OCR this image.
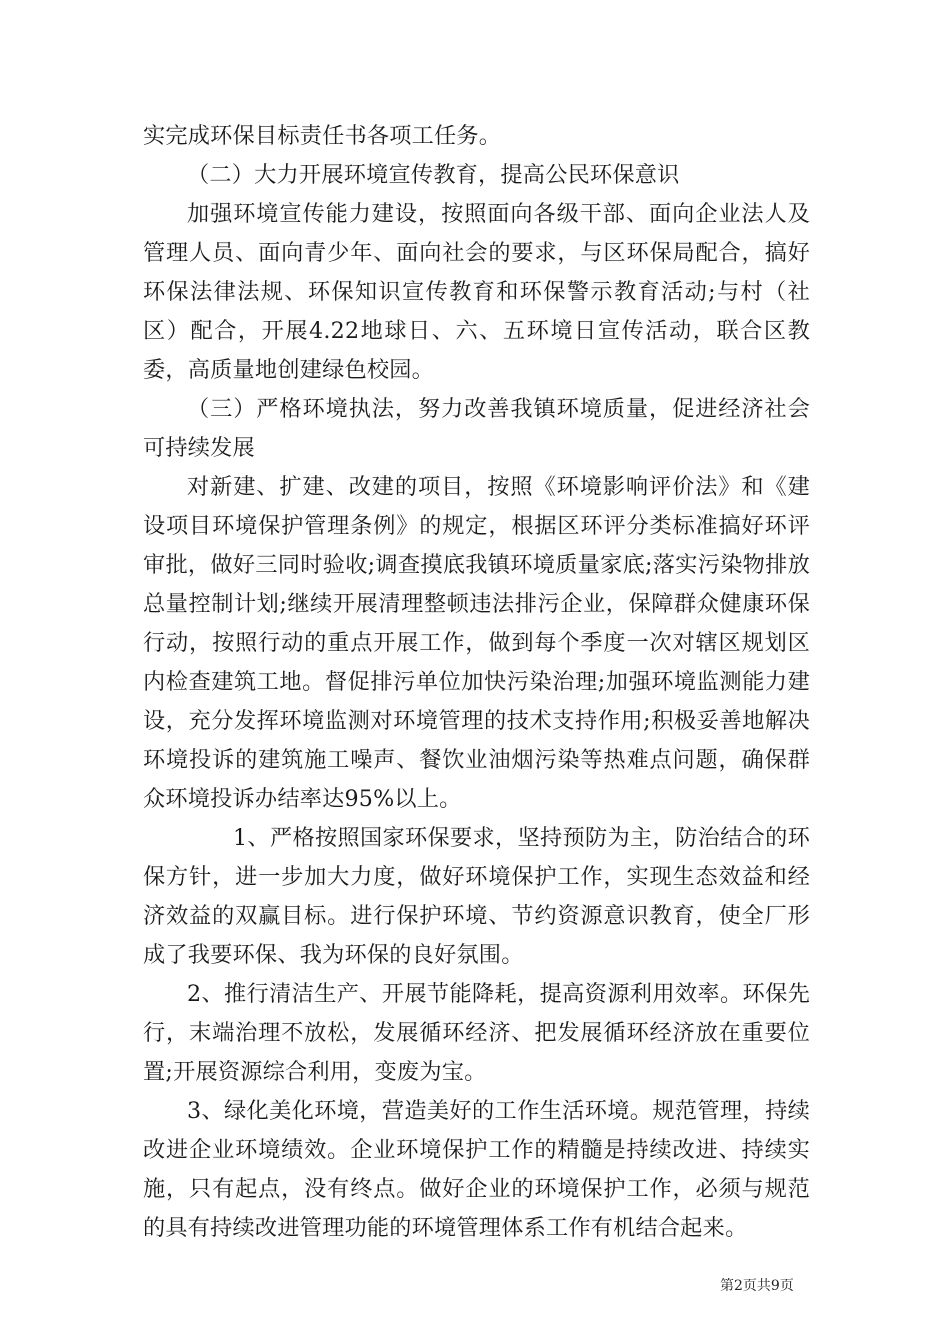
实完成环保目标责任书各项工任务。

（二）大力开展环境宣传教育，提高公民环保意识

加强环境宣传能力建设，按照面向各级干部、面向企业法人及管理人员、面向青少年、面向社会的要求，与区环保局配合，搞好环保法律法规、环保知识宣传教育和环保警示教育活动;与村（社区）配合，开展4.22地球日、六、五环境日宣传活动，联合区教委，高质量地创建绿色校园。

（三）严格环境执法，努力改善我镇环境质量，促进经济社会可持续发展

对新建、扩建、改建的项目，按照《环境影响评价法》和《建设项目环境保护管理条例》的规定，根据区环评分类标准搞好环评审批，做好三同时验收;调查摸底我镇环境质量家底;落实污染物排放总量控制计划;继续开展清理整顿违法排污企业，保障群众健康环保行动，按照行动的重点开展工作，做到每个季度一次对辖区规划区内检查建筑工地。督促排污单位加快污染治理;加强环境监测能力建设，充分发挥环境监测对环境管理的技术支持作用;积极妥善地解决环境投诉的建筑施工噪声、餐饮业油烟污染等热难点问题，确保群众环境投诉办结率达95%以上。

1、严格按照国家环保要求，坚持预防为主，防治结合的环保方针，进一步加大力度，做好环境保护工作，实现生态效益和经济效益的双赢目标。进行保护环境、节约资源意识教育，使全厂形成了我要环保、我为环保的良好氛围。

2、推行清洁生产、开展节能降耗，提高资源利用效率。环保先行，末端治理不放松，发展循环经济、把发展循环经济放在重要位置;开展资源综合利用，变废为宝。

3、绿化美化环境，营造美好的工作生活环境。规范管理，持续改进企业环境绩效。企业环境保护工作的精髓是持续改进、持续实施，只有起点，没有终点。做好企业的环境保护工作，必须与规范的具有持续改进管理功能的环境管理体系工作有机结合起来。

第2页共9页
